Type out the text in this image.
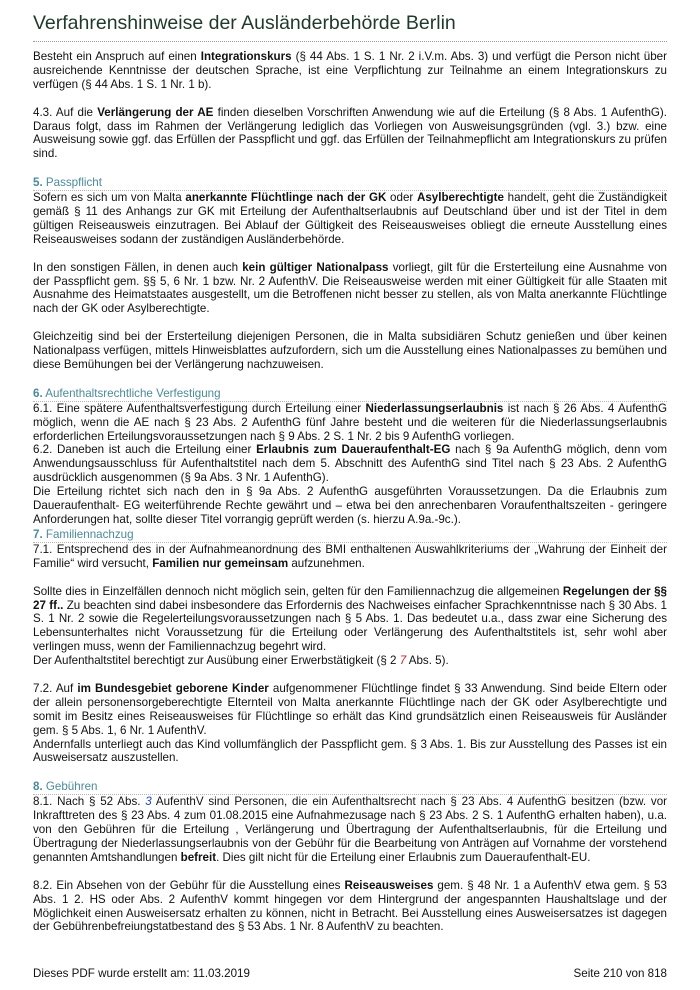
Verfahrenshinweise der Ausländerbehörde Berlin

Besteht ein Anspruch auf einen Integrationskurs (§ 44 Abs. 1 S. 1 Nr. 2 i.V.m. Abs. 3) und verfügt die Person nicht über ausreichende Kenntnisse der deutschen Sprache, ist eine Verpflichtung zur Teilnahme an einem Integrationskurs zu verfügen (§ 44 Abs. 1 S. 1 Nr. 1 b).

4.3. Auf die Verlängerung der AE finden dieselben Vorschriften Anwendung wie auf die Erteilung (§ 8 Abs. 1 AufenthG). Daraus folgt, dass im Rahmen der Verlängerung lediglich das Vorliegen von Ausweisungsgründen (vgl. 3.) bzw. eine Ausweisung sowie ggf. das Erfüllen der Passpflicht und ggf. das Erfüllen der Teilnahmepflicht am Integrationskurs zu prüfen sind.

5. Passpflicht

Sofern es sich um von Malta anerkannte Flüchtlinge nach der GK oder Asylberechtigte handelt, geht die Zuständigkeit gemäß § 11 des Anhangs zur GK mit Erteilung der Aufenthaltserlaubnis auf Deutschland über und ist der Titel in dem gültigen Reiseausweis einzutragen. Bei Ablauf der Gültigkeit des Reiseausweises obliegt die erneute Ausstellung eines Reiseausweises sodann der zuständigen Ausländerbehörde.

In den sonstigen Fällen, in denen auch kein gültiger Nationalpass vorliegt, gilt für die Ersterteilung eine Ausnahme von der Passpflicht gem. §§ 5, 6 Nr. 1 bzw. Nr. 2 AufenthV. Die Reiseausweise werden mit einer Gültigkeit für alle Staaten mit Ausnahme des Heimatstaates ausgestellt, um die Betroffenen nicht besser zu stellen, als von Malta anerkannte Flüchtlinge nach der GK oder Asylberechtigte.

Gleichzeitig sind bei der Ersterteilung diejenigen Personen, die in Malta subsidiären Schutz genießen und über keinen Nationalpass verfügen, mittels Hinweisblattes aufzufordern, sich um die Ausstellung eines Nationalpasses zu bemühen und diese Bemühungen bei der Verlängerung nachzuweisen.

6. Aufenthaltsrechtliche Verfestigung

6.1. Eine spätere Aufenthaltsverfestigung durch Erteilung einer Niederlassungserlaubnis ist nach § 26 Abs. 4 AufenthG möglich, wenn die AE nach § 23 Abs. 2 AufenthG fünf Jahre besteht und die weiteren für die Niederlassungserlaubnis erforderlichen Erteilungsvoraussetzungen nach § 9 Abs. 2 S. 1 Nr. 2 bis 9 AufenthG vorliegen.

6.2. Daneben ist auch die Erteilung einer Erlaubnis zum Daueraufenthalt-EG nach § 9a AufenthG möglich, denn vom Anwendungsausschluss für Aufenthaltstitel nach dem 5. Abschnitt des AufenthG sind Titel nach § 23 Abs. 2 AufenthG ausdrücklich ausgenommen (§ 9a Abs. 3 Nr. 1 AufenthG).

Die Erteilung richtet sich nach den in § 9a Abs. 2 AufenthG ausgeführten Voraussetzungen. Da die Erlaubnis zum Daueraufenthalt- EG weiterführende Rechte gewährt und – etwa bei den anrechenbaren Voraufenthaltszeiten - geringere Anforderungen hat, sollte dieser Titel vorrangig geprüft werden (s. hierzu A.9a.-9c.).

7. Familiennachzug

7.1. Entsprechend des in der Aufnahmeanordnung des BMI enthaltenen Auswahlkriteriums der „Wahrung der Einheit der Familie“ wird versucht, Familien nur gemeinsam aufzunehmen.

Sollte dies in Einzelfällen dennoch nicht möglich sein, gelten für den Familiennachzug die allgemeinen Regelungen der §§ 27 ff.. Zu beachten sind dabei insbesondere das Erfordernis des Nachweises einfacher Sprachkenntnisse nach § 30 Abs. 1 S. 1 Nr. 2 sowie die Regelerteilungsvoraussetzungen nach § 5 Abs. 1. Das bedeutet u.a., dass zwar eine Sicherung des Lebensunterhaltes nicht Voraussetzung für die Erteilung oder Verlängerung des Aufenthaltstitels ist, sehr wohl aber verlingen muss, wenn der Familiennachzug begehrt wird.

Der Aufenthaltstitel berechtigt zur Ausübung einer Erwerbstätigkeit (§ 2 7 Abs. 5).

7.2. Auf im Bundesgebiet geborene Kinder aufgenommener Flüchtlinge findet § 33 Anwendung. Sind beide Eltern oder der allein personensorgeberechtigte Elternteil von Malta anerkannte Flüchtlinge nach der GK oder Asylberechtigte und somit im Besitz eines Reiseausweises für Flüchtlinge so erhält das Kind grundsätzlich einen Reiseausweis für Ausländer gem. § 5 Abs. 1, 6 Nr. 1 AufenthV.

Andernfalls unterliegt auch das Kind vollumfänglich der Passpflicht gem. § 3 Abs. 1. Bis zur Ausstellung des Passes ist ein Ausweisersatz auszustellen.

8. Gebühren

8.1. Nach § 52 Abs. 3 AufenthV sind Personen, die ein Aufenthaltsrecht nach § 23 Abs. 4 AufenthG besitzen (bzw. vor Inkrafttreten des § 23 Abs. 4 zum 01.08.2015 eine Aufnahmezusage nach § 23 Abs. 2 S. 1 AufenthG erhalten haben), u.a. von den Gebühren für die Erteilung , Verlängerung und Übertragung der Aufenthaltserlaubnis, für die Erteilung und Übertragung der Niederlassungserlaubnis von der Gebühr für die Bearbeitung von Anträgen auf Vornahme der vorstehend genannten Amtshandlungen befreit. Dies gilt nicht für die Erteilung einer Erlaubnis zum Daueraufenthalt-EU.

8.2. Ein Absehen von der Gebühr für die Ausstellung eines Reiseausweises gem. § 48 Nr. 1 a AufenthV etwa gem. § 53 Abs. 1 2. HS oder Abs. 2 AufenthV kommt hingegen vor dem Hintergrund der angespannten Haushaltslage und der Möglichkeit einen Ausweisersatz erhalten zu können, nicht in Betracht. Bei Ausstellung eines Ausweisersatzes ist dagegen der Gebührenbefreiungstatbestand des § 53 Abs. 1 Nr. 8 AufenthV zu beachten.

Dieses PDF wurde erstellt am: 11.03.2019	Seite 210 von 818
